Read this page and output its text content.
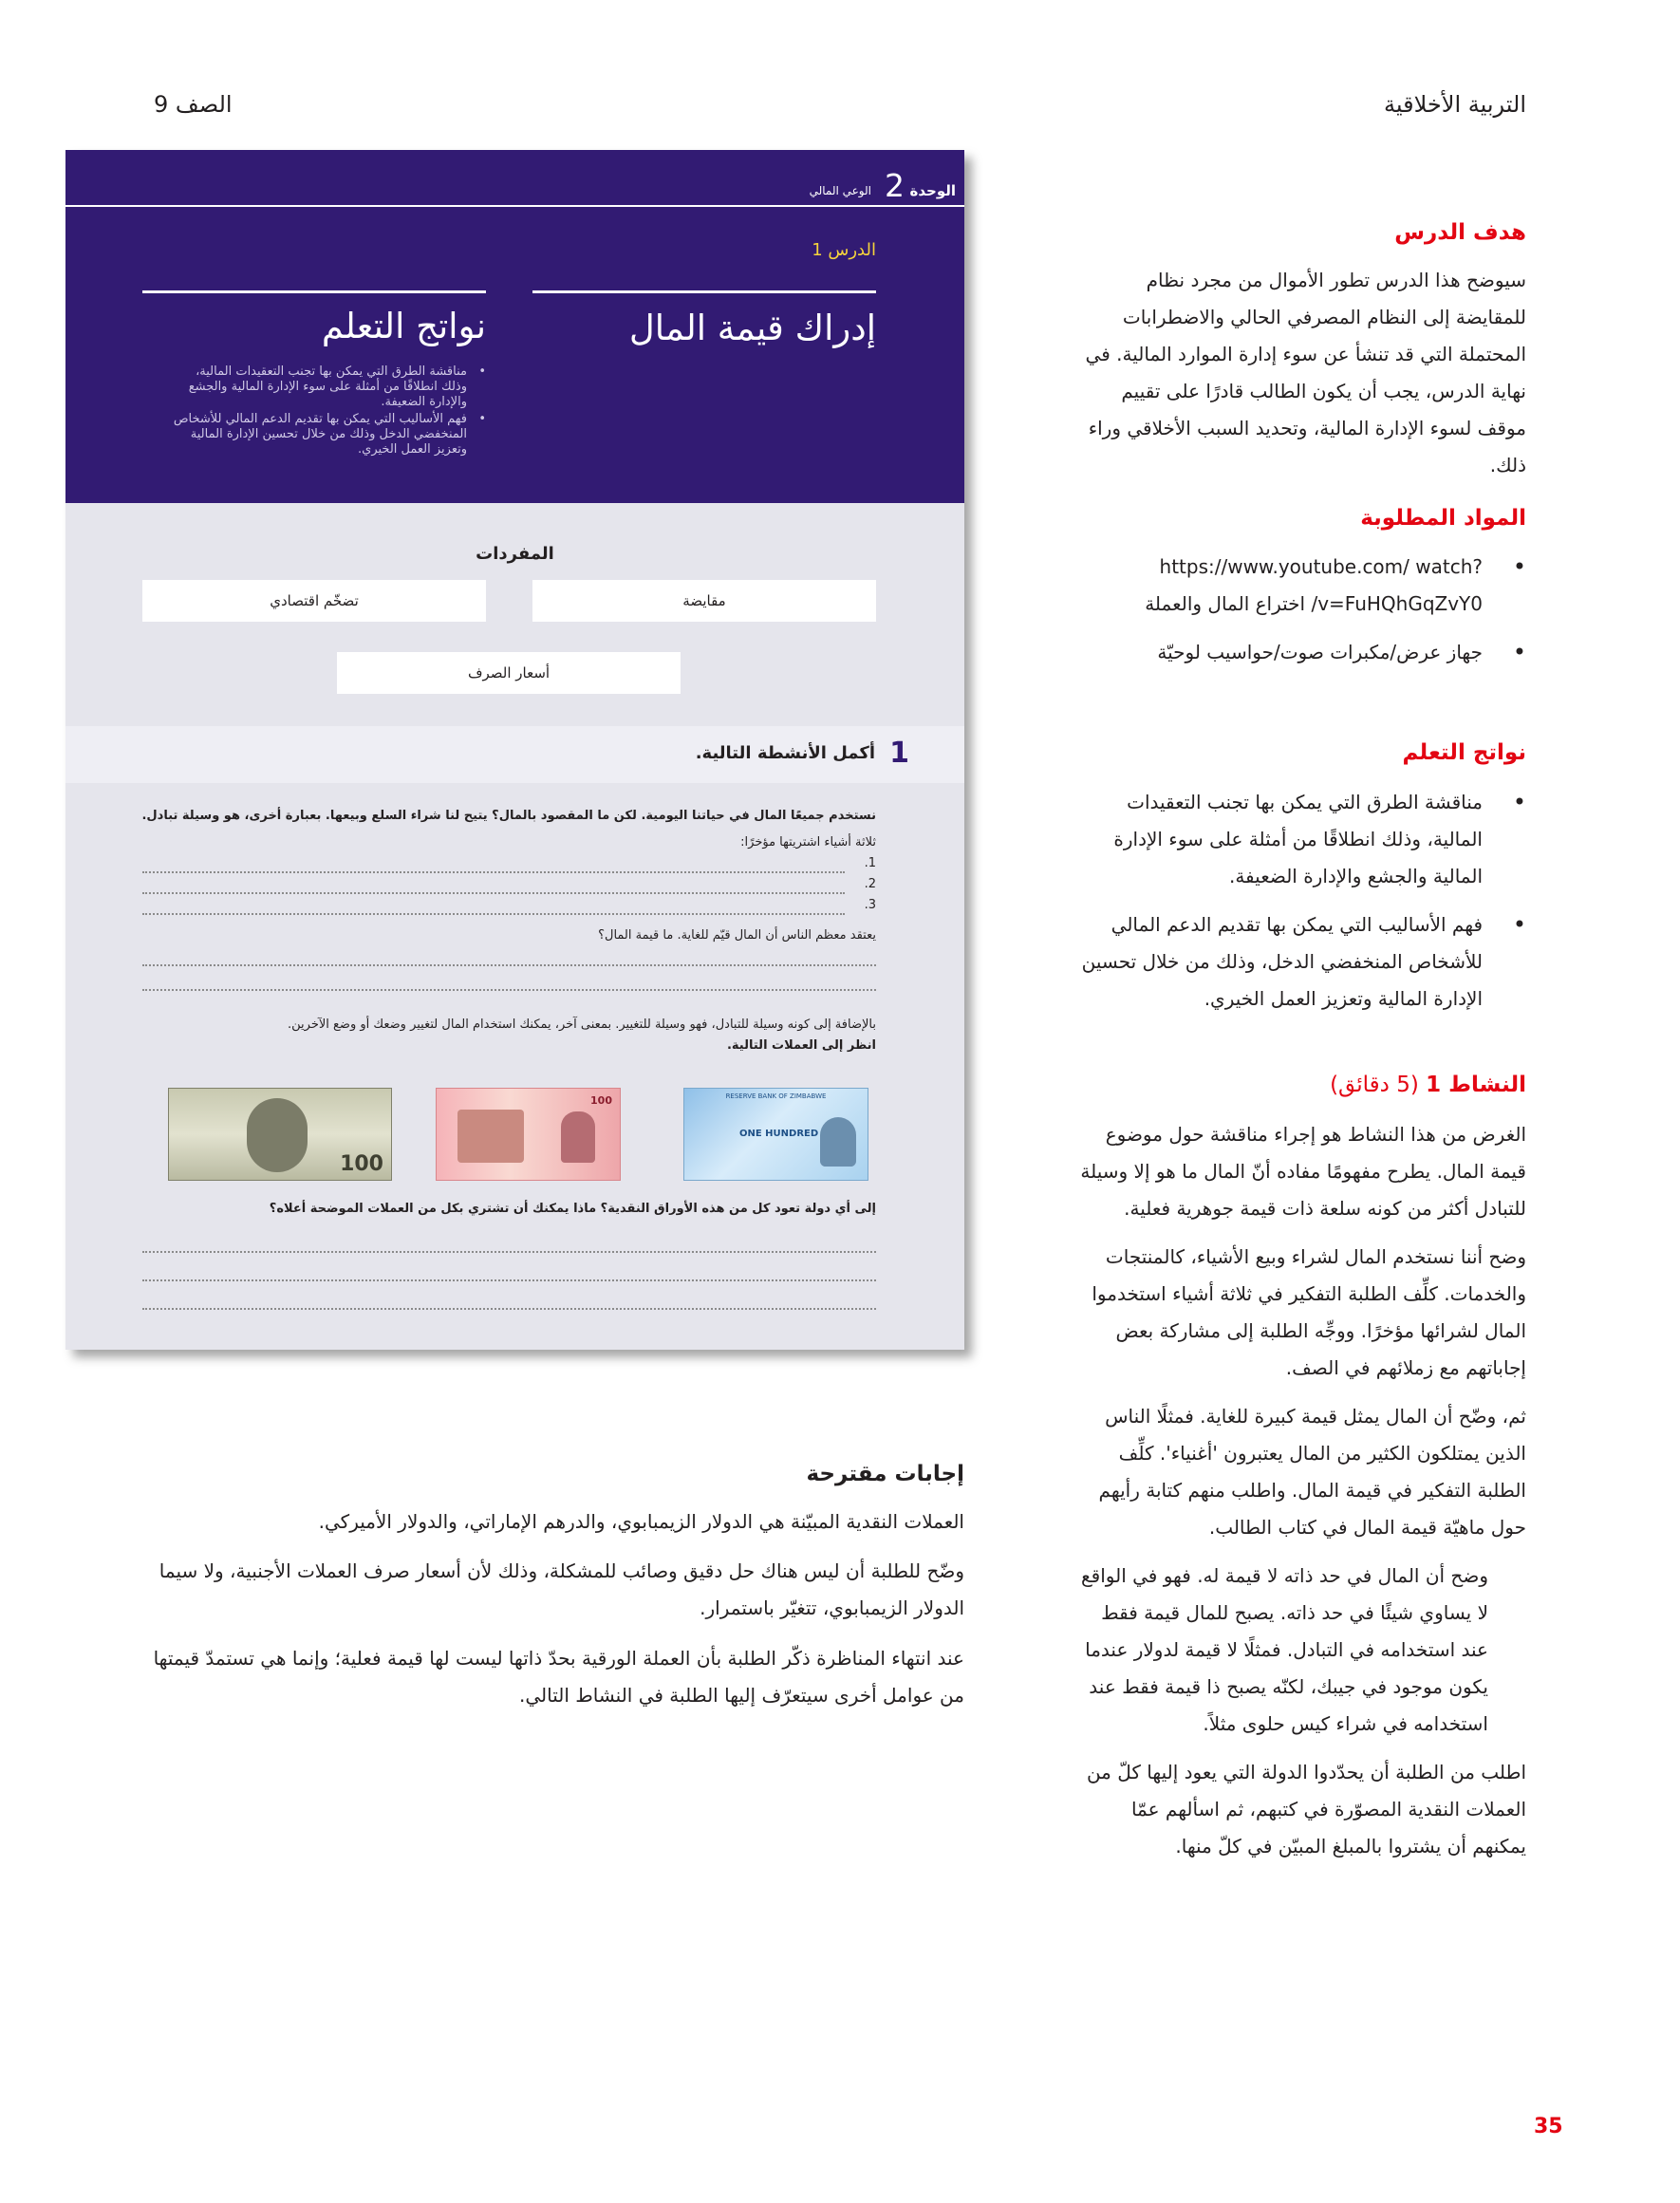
التربية الأخلاقية
الصف 9
هدف الدرس
سيوضح هذا الدرس تطور الأموال من مجرد نظام للمقايضة إلى النظام المصرفي الحالي والاضطرابات المحتملة التي قد تنشأ عن سوء إدارة الموارد المالية. في نهاية الدرس، يجب أن يكون الطالب قادرًا على تقييم موقف لسوء الإدارة المالية، وتحديد السبب الأخلاقي وراء ذلك.
المواد المطلوبة
• https://www.youtube.com/ watch?v=FuHQhGqZvY0/ اختراع المال والعملة
• جهاز عرض/مكبرات صوت/حواسيب لوحيّة
نواتج التعلم
• مناقشة الطرق التي يمكن بها تجنب التعقيدات المالية، وذلك انطلاقًا من أمثلة على سوء الإدارة المالية والجشع والإدارة الضعيفة.
• فهم الأساليب التي يمكن بها تقديم الدعم المالي للأشخاص المنخفضي الدخل، وذلك من خلال تحسين الإدارة المالية وتعزيز العمل الخيري.
النشاط 1 (5 دقائق)
الغرض من هذا النشاط هو إجراء مناقشة حول موضوع قيمة المال. يطرح مفهومًا مفاده أنّ المال ما هو إلا وسيلة للتبادل أكثر من كونه سلعة ذات قيمة جوهرية فعلية.
وضح أننا نستخدم المال لشراء وبيع الأشياء، كالمنتجات والخدمات. كلِّف الطلبة التفكير في ثلاثة أشياء استخدموا المال لشرائها مؤخرًا. ووجِّه الطلبة إلى مشاركة بعض إجاباتهم مع زملائهم في الصف.
ثم، وضّح أن المال يمثل قيمة كبيرة للغاية. فمثلًا الناس الذين يمتلكون الكثير من المال يعتبرون 'أغنياء'. كلِّف الطلبة التفكير في قيمة المال. واطلب منهم كتابة رأيهم حول ماهيّة قيمة المال في كتاب الطالب.
وضح أن المال في حد ذاته لا قيمة له. فهو في الواقع لا يساوي شيئًا في حد ذاته. يصبح للمال قيمة فقط عند استخدامه في التبادل. فمثلًا لا قيمة لدولار عندما يكون موجود في جيبك، لكنّه يصبح ذا قيمة فقط عند استخدامه في شراء كيس حلوى مثلاً.
اطلب من الطلبة أن يحدّدوا الدولة التي يعود إليها كلّ من العملات النقدية المصوّرة في كتبهم، ثم اسألهم عمّا يمكنهم أن يشتروا بالمبلغ المبيّن في كلّ منها.
الوحدة
2
الوعي المالي
الدرس 1
إدراك قيمة المال
نواتج التعلم
• مناقشة الطرق التي يمكن بها تجنب التعقيدات المالية، وذلك انطلاقًا من أمثلة على سوء الإدارة المالية والجشع والإدارة الضعيفة.
• فهم الأساليب التي يمكن بها تقديم الدعم المالي للأشخاص المنخفضي الدخل وذلك من خلال تحسين الإدارة المالية وتعزيز العمل الخيري.
المفردات
مقايضة
تضخّم اقتصادي
أسعار الصرف
1
أكمل الأنشطة التالية.
نستخدم جميعًا المال في حياتنا اليومية. لكن ما المقصود بالمال؟ يتيح لنا شراء السلع وبيعها. بعبارة أخرى، هو وسيلة تبادل.
ثلاثة أشياء اشتريتها مؤخرًا:
1.
2.
3.
يعتقد معظم الناس أن المال قيّم للغاية. ما قيمة المال؟
بالإضافة إلى كونه وسيلة للتبادل، فهو وسيلة للتغيير. بمعنى آخر، يمكنك استخدام المال لتغيير وضعك أو وضع الآخرين.
انظر إلى العملات التالية.
RESERVE BANK OF ZIMBABWE
ONE HUNDRED
100
100
إلى أي دولة تعود كل من هذه الأوراق النقدية؟ ماذا يمكنك أن تشتري بكل من العملات الموضحة أعلاه؟
إجابات مقترحة
العملات النقدية المبيّنة هي الدولار الزيمبابوي، والدرهم الإماراتي، والدولار الأميركي.
وضّح للطلبة أن ليس هناك حل دقيق وصائب للمشكلة، وذلك لأن أسعار صرف العملات الأجنبية، ولا سيما الدولار الزيمبابوي، تتغيّر باستمرار.
عند انتهاء المناظرة ذكّر الطلبة بأن العملة الورقية بحدّ ذاتها ليست لها قيمة فعلية؛ وإنما هي تستمدّ قيمتها من عوامل أخرى سيتعرّف إليها الطلبة في النشاط التالي.
35
